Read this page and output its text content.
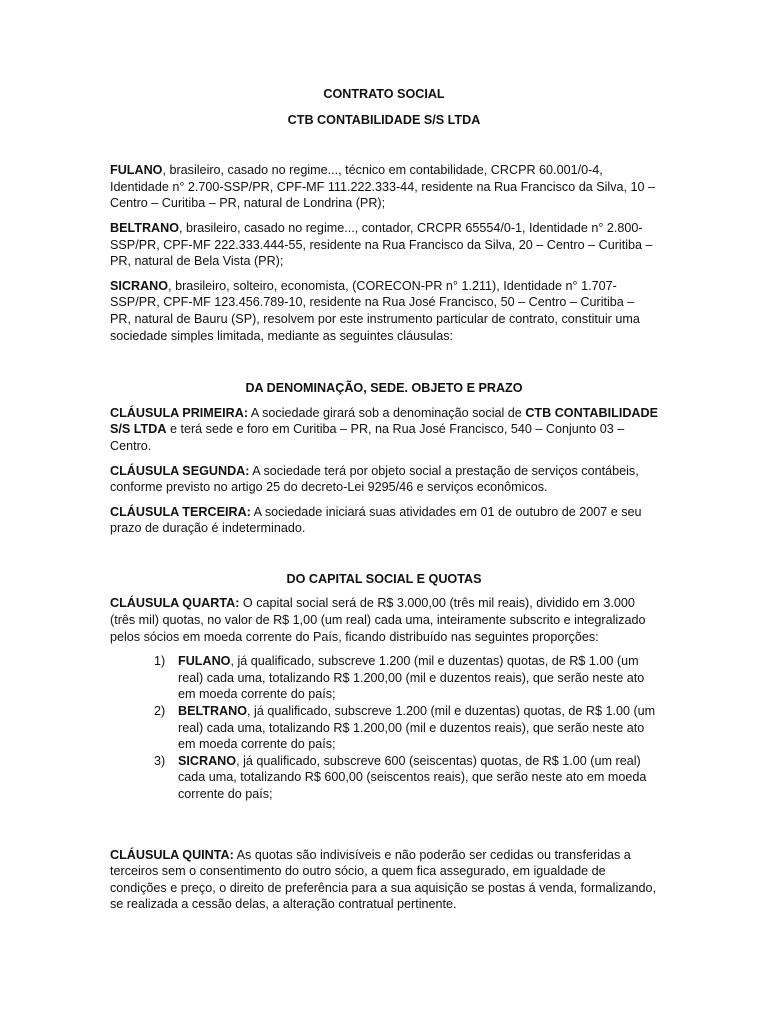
CONTRATO SOCIAL
CTB CONTABILIDADE S/S LTDA

FULANO, brasileiro, casado no regime..., técnico em contabilidade, CRCPR 60.001/0-4, Identidade n° 2.700-SSP/PR, CPF-MF 111.222.333-44, residente na Rua Francisco da Silva, 10 – Centro – Curitiba – PR, natural de Londrina (PR);

BELTRANO, brasileiro, casado no regime..., contador, CRCPR 65554/0-1, Identidade n° 2.800-SSP/PR, CPF-MF 222.333.444-55, residente na Rua Francisco da Silva, 20 – Centro – Curitiba – PR, natural de Bela Vista (PR);

SICRANO, brasileiro, solteiro, economista, (CORECON-PR n° 1.211), Identidade n° 1.707-SSP/PR, CPF-MF 123.456.789-10, residente na Rua José Francisco, 50 – Centro – Curitiba – PR, natural de Bauru (SP), resolvem por este instrumento particular de contrato, constituir uma sociedade simples limitada, mediante as seguintes cláusulas:

DA DENOMINAÇÃO, SEDE. OBJETO E PRAZO

CLÁUSULA PRIMEIRA: A sociedade girará sob a denominação social de CTB CONTABILIDADE S/S LTDA e terá sede e foro em Curitiba – PR, na Rua José Francisco, 540 – Conjunto 03 – Centro.

CLÁUSULA SEGUNDA: A sociedade terá por objeto social a prestação de serviços contábeis, conforme previsto no artigo 25 do decreto-Lei 9295/46 e serviços econômicos.

CLÁUSULA TERCEIRA: A sociedade iniciará suas atividades em 01 de outubro de 2007 e seu prazo de duração é indeterminado.

DO CAPITAL SOCIAL E QUOTAS

CLÁUSULA QUARTA: O capital social será de R$ 3.000,00 (três mil reais), dividido em 3.000 (três mil) quotas, no valor de R$ 1,00 (um real) cada uma, inteiramente subscrito e integralizado pelos sócios em moeda corrente do País, ficando distribuído nas seguintes proporções:

1) FULANO, já qualificado, subscreve 1.200 (mil e duzentas) quotas, de R$ 1.00 (um real) cada uma, totalizando R$ 1.200,00 (mil e duzentos reais), que serão neste ato em moeda corrente do país;
2) BELTRANO, já qualificado, subscreve 1.200 (mil e duzentas) quotas, de R$ 1.00 (um real) cada uma, totalizando R$ 1.200,00 (mil e duzentos reais), que serão neste ato em moeda corrente do país;
3) SICRANO, já qualificado, subscreve 600 (seiscentas) quotas, de R$ 1.00 (um real) cada uma, totalizando R$ 600,00 (seiscentos reais), que serão neste ato em moeda corrente do país;

CLÁUSULA QUINTA: As quotas são indivisíveis e não poderão ser cedidas ou transferidas a terceiros sem o consentimento do outro sócio, a quem fica assegurado, em igualdade de condições e preço, o direito de preferência para a sua aquisição se postas á venda, formalizando, se realizada a cessão delas, a alteração contratual pertinente.
